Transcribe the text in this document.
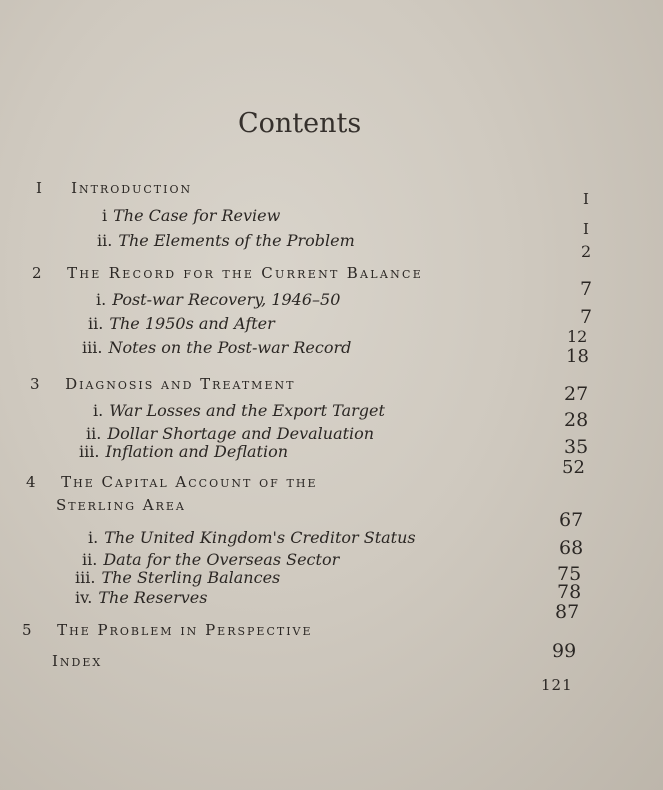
Contents
I Introduction
i The Case for Review
ii. The Elements of the Problem
2 The Record for the Current Balance
i. Post-war Recovery, 1946–50
ii. The 1950s and After
iii. Notes on the Post-war Record
3 Diagnosis and Treatment
i. War Losses and the Export Target
ii. Dollar Shortage and Devaluation
iii. Inflation and Deflation
4 The Capital Account of the
Sterling Area
i. The United Kingdom's Creditor Status
ii. Data for the Overseas Sector
iii. The Sterling Balances
iv. The Reserves
5 The Problem in Perspective
Index
I
I
2
7
7
12
18
27
28
35
52
67
68
75
78
87
99
121
